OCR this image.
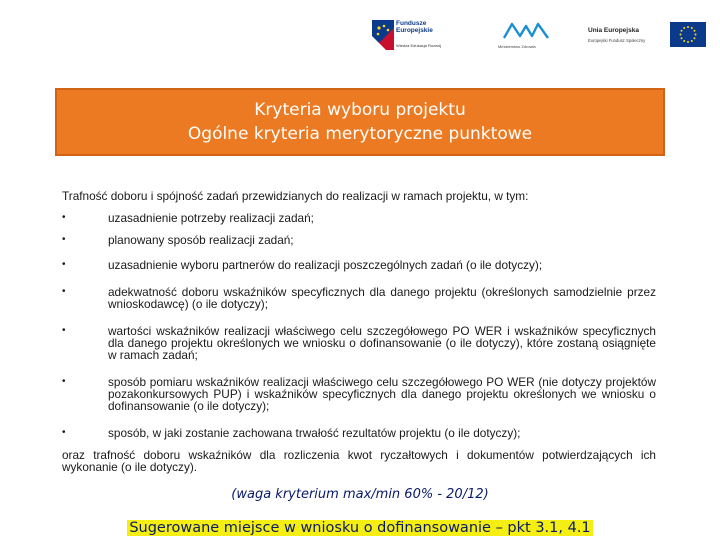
Fundusze Europejskie
Wiedza Edukacja Rozwój	Ministerstwo Zdrowia
Unia Europejska
Europejski Fundusz Społeczny
Kryteria wyboru projektu
Ogólne kryteria merytoryczne punktowe
Trafność doboru i spójność zadań przewidzianych do realizacji w ramach projektu, w tym:
•	uzasadnienie potrzeby realizacji zadań;
•	planowany sposób realizacji zadań;
•	uzasadnienie wyboru partnerów do realizacji poszczególnych zadań (o ile dotyczy);
•	adekwatność doboru wskaźników specyficznych dla danego projektu (określonych samodzielnie przez wnioskodawcę) (o ile dotyczy);
•	wartości wskaźników realizacji właściwego celu szczegółowego PO WER i wskaźników specyficznych dla danego projektu określonych we wniosku o dofinansowanie (o ile dotyczy), które zostaną osiągnięte w ramach zadań;
•	sposób pomiaru wskaźników realizacji właściwego celu szczegółowego PO WER (nie dotyczy projektów pozakonkursowych PUP) i wskaźników specyficznych dla danego projektu określonych we wniosku o dofinansowanie (o ile dotyczy);
•	sposób, w jaki zostanie zachowana trwałość rezultatów projektu (o ile dotyczy);
oraz trafność doboru wskaźników dla rozliczenia kwot ryczałtowych i dokumentów potwierdzających ich wykonanie (o ile dotyczy).
(waga kryterium max/min 60% - 20/12)
Sugerowane miejsce w wniosku o dofinansowanie – pkt 3.1, 4.1
